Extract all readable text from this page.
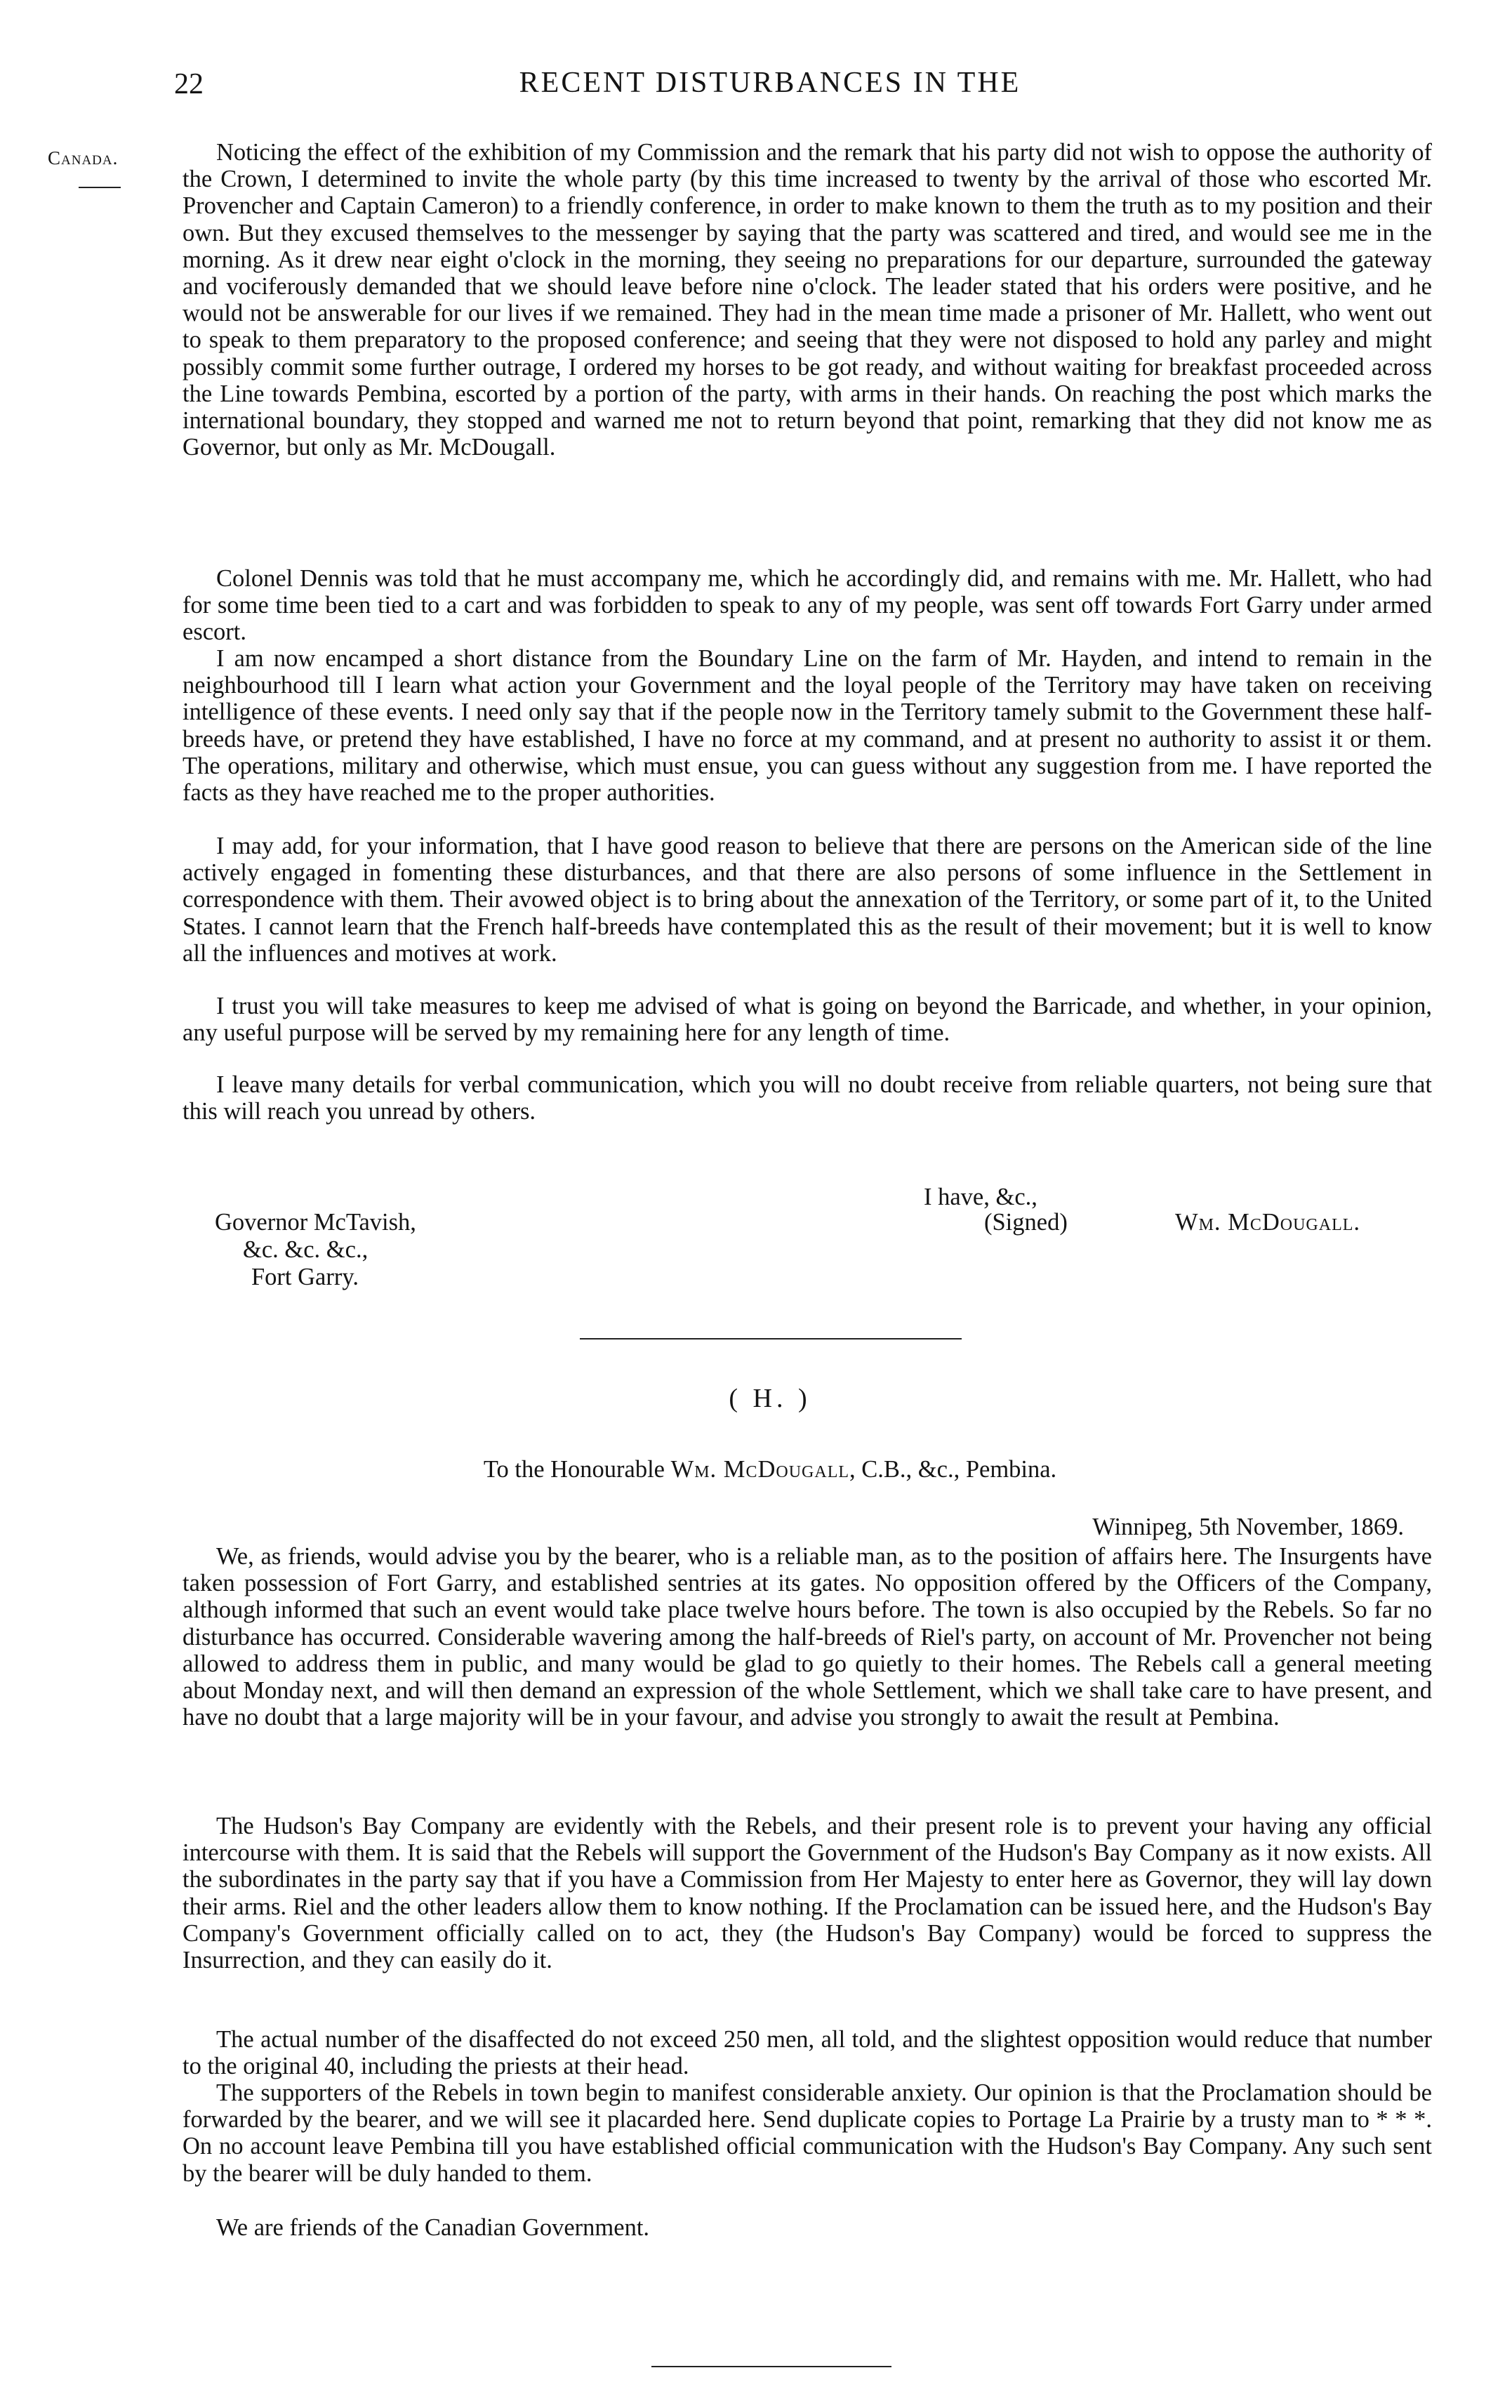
22	RECENT DISTURBANCES IN THE
Canada.	Noticing the effect of the exhibition of my Commission and the remark that his party did not wish to oppose the authority of the Crown, I determined to invite the whole party (by this time increased to twenty by the arrival of those who escorted Mr. Provencher and Captain Cameron) to a friendly conference, in order to make known to them the truth as to my position and their own. But they excused themselves to the messenger by saying that the party was scattered and tired, and would see me in the morning. As it drew near eight o'clock in the morning, they seeing no preparations for our departure, surrounded the gateway and vociferously demanded that we should leave before nine o'clock. The leader stated that his orders were positive, and he would not be answerable for our lives if we remained. They had in the mean time made a prisoner of Mr. Hallett, who went out to speak to them preparatory to the proposed conference; and seeing that they were not disposed to hold any parley and might possibly commit some further outrage, I ordered my horses to be got ready, and without waiting for breakfast proceeded across the Line towards Pembina, escorted by a portion of the party, with arms in their hands. On reaching the post which marks the international boundary, they stopped and warned me not to return beyond that point, remarking that they did not know me as Governor, but only as Mr. McDougall.

Colonel Dennis was told that he must accompany me, which he accordingly did, and remains with me. Mr. Hallett, who had for some time been tied to a cart and was forbidden to speak to any of my people, was sent off towards Fort Garry under armed escort.

I am now encamped a short distance from the Boundary Line on the farm of Mr. Hayden, and intend to remain in the neighbourhood till I learn what action your Government and the loyal people of the Territory may have taken on receiving intelligence of these events. I need only say that if the people now in the Territory tamely submit to the Government these half-breeds have, or pretend they have established, I have no force at my command, and at present no authority to assist it or them. The operations, military and otherwise, which must ensue, you can guess without any suggestion from me. I have reported the facts as they have reached me to the proper authorities.

I may add, for your information, that I have good reason to believe that there are persons on the American side of the line actively engaged in fomenting these disturbances, and that there are also persons of some influence in the Settlement in correspondence with them. Their avowed object is to bring about the annexation of the Territory, or some part of it, to the United States. I cannot learn that the French half-breeds have contemplated this as the result of their movement; but it is well to know all the influences and motives at work.

I trust you will take measures to keep me advised of what is going on beyond the Barricade, and whether, in your opinion, any useful purpose will be served by my remaining here for any length of time.

I leave many details for verbal communication, which you will no doubt receive from reliable quarters, not being sure that this will reach you unread by others.

I have, &c.,
(Signed)	Wm. McDougall.
Governor McTavish,
&c. &c. &c.,
Fort Garry.
( H. )
To the Honourable Wm. McDougall, C.B., &c., Pembina.
Winnipeg, 5th November, 1869.

We, as friends, would advise you by the bearer, who is a reliable man, as to the position of affairs here. The Insurgents have taken possession of Fort Garry, and established sentries at its gates. No opposition offered by the Officers of the Company, although informed that such an event would take place twelve hours before. The town is also occupied by the Rebels. So far no disturbance has occurred. Considerable wavering among the half-breeds of Riel's party, on account of Mr. Provencher not being allowed to address them in public, and many would be glad to go quietly to their homes. The Rebels call a general meeting about Monday next, and will then demand an expression of the whole Settlement, which we shall take care to have present, and have no doubt that a large majority will be in your favour, and advise you strongly to await the result at Pembina.

The Hudson's Bay Company are evidently with the Rebels, and their present role is to prevent your having any official intercourse with them. It is said that the Rebels will support the Government of the Hudson's Bay Company as it now exists. All the subordinates in the party say that if you have a Commission from Her Majesty to enter here as Governor, they will lay down their arms. Riel and the other leaders allow them to know nothing. If the Proclamation can be issued here, and the Hudson's Bay Company's Government officially called on to act, they (the Hudson's Bay Company) would be forced to suppress the Insurrection, and they can easily do it.

The actual number of the disaffected do not exceed 250 men, all told, and the slightest opposition would reduce that number to the original 40, including the priests at their head.

The supporters of the Rebels in town begin to manifest considerable anxiety. Our opinion is that the Proclamation should be forwarded by the bearer, and we will see it placarded here. Send duplicate copies to Portage La Prairie by a trusty man to * * *. On no account leave Pembina till you have established official communication with the Hudson's Bay Company. Any such sent by the bearer will be duly handed to them.

We are friends of the Canadian Government.
